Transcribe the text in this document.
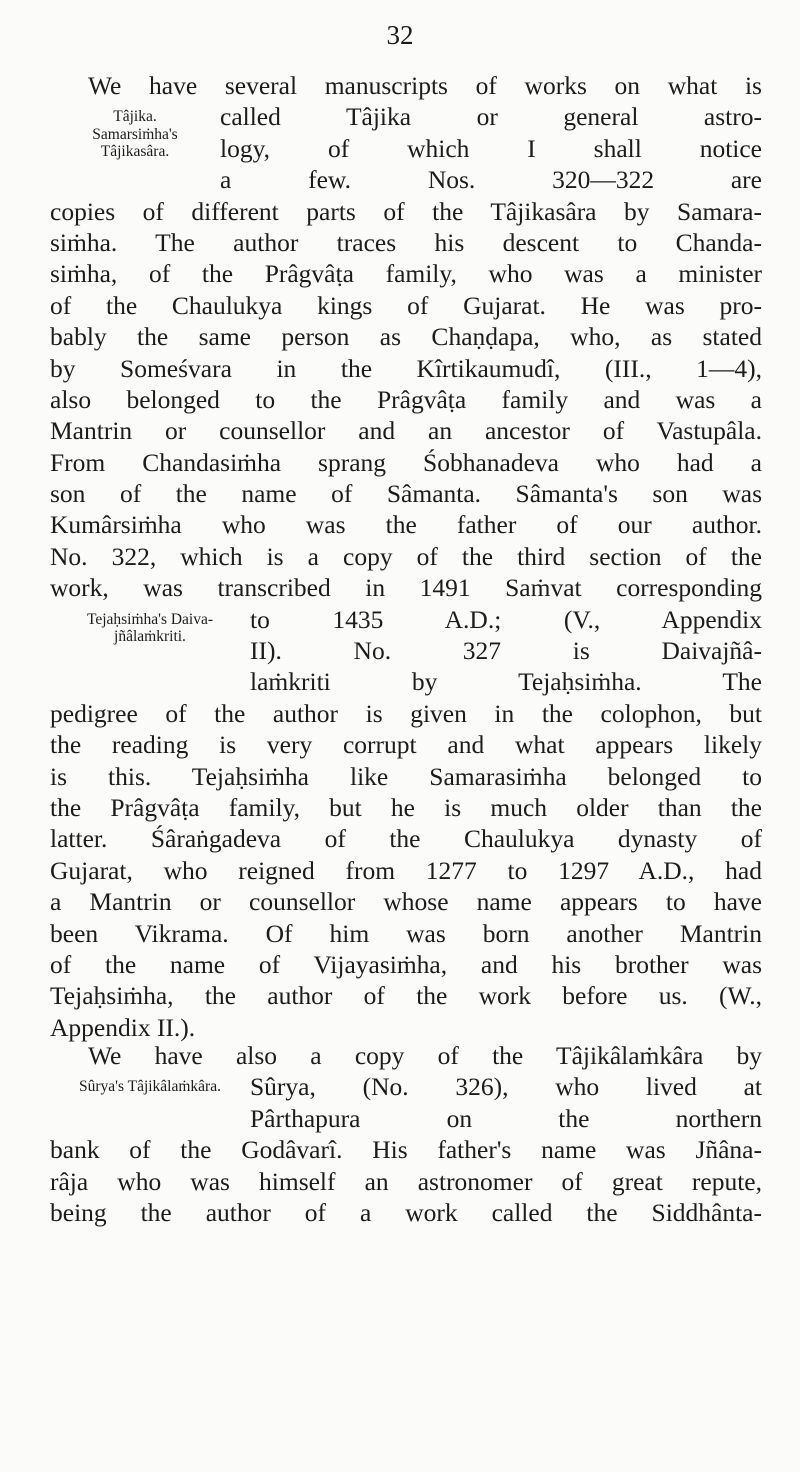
32
We have several manuscripts of works on what is
Tâjika.
Samarsiṁha's
Tâjikasâra.
called Tâjika or general astro-
logy, of which I shall notice
a few. Nos. 320—322 are
copies of different parts of the Tâjikasâra by Samara-
siṁha. The author traces his descent to Chanda-
siṁha, of the Prâgvâṭa family, who was a minister
of the Chaulukya kings of Gujarat. He was pro-
bably the same person as Chaṇḍapa, who, as stated
by Someśvara in the Kîrtikaumudî, (III., 1—4),
also belonged to the Prâgvâṭa family and was a
Mantrin or counsellor and an ancestor of Vastupâla.
From Chandasiṁha sprang Śobhanadeva who had a
son of the name of Sâmanta. Sâmanta's son was
Kumârsiṁha who was the father of our author.
No. 322, which is a copy of the third section of the
work, was transcribed in 1491 Saṁvat corresponding
Tejaḥsiṁha's Daiva-
jñâlaṁkriti.
to 1435 A.D.; (V., Appendix
II). No. 327 is Daivajñâ-
laṁkriti by Tejaḥsiṁha. The
pedigree of the author is given in the colophon, but
the reading is very corrupt and what appears likely
is this. Tejaḥsiṁha like Samarasiṁha belonged to
the Prâgvâṭa family, but he is much older than the
latter. Śâraṅgadeva of the Chaulukya dynasty of
Gujarat, who reigned from 1277 to 1297 A.D., had
a Mantrin or counsellor whose name appears to have
been Vikrama. Of him was born another Mantrin
of the name of Vijayasiṁha, and his brother was
Tejaḥsiṁha, the author of the work before us. (W.,
Appendix II.).
We have also a copy of the Tâjikâlaṁkâra by
Sûrya's Tâjikâlaṁkâra.	Sûrya, (No. 326), who lived at
Pârthapura on the northern
bank of the Godâvarî. His father's name was Jñâna-
râja who was himself an astronomer of great repute,
being the author of a work called the Siddhânta-
